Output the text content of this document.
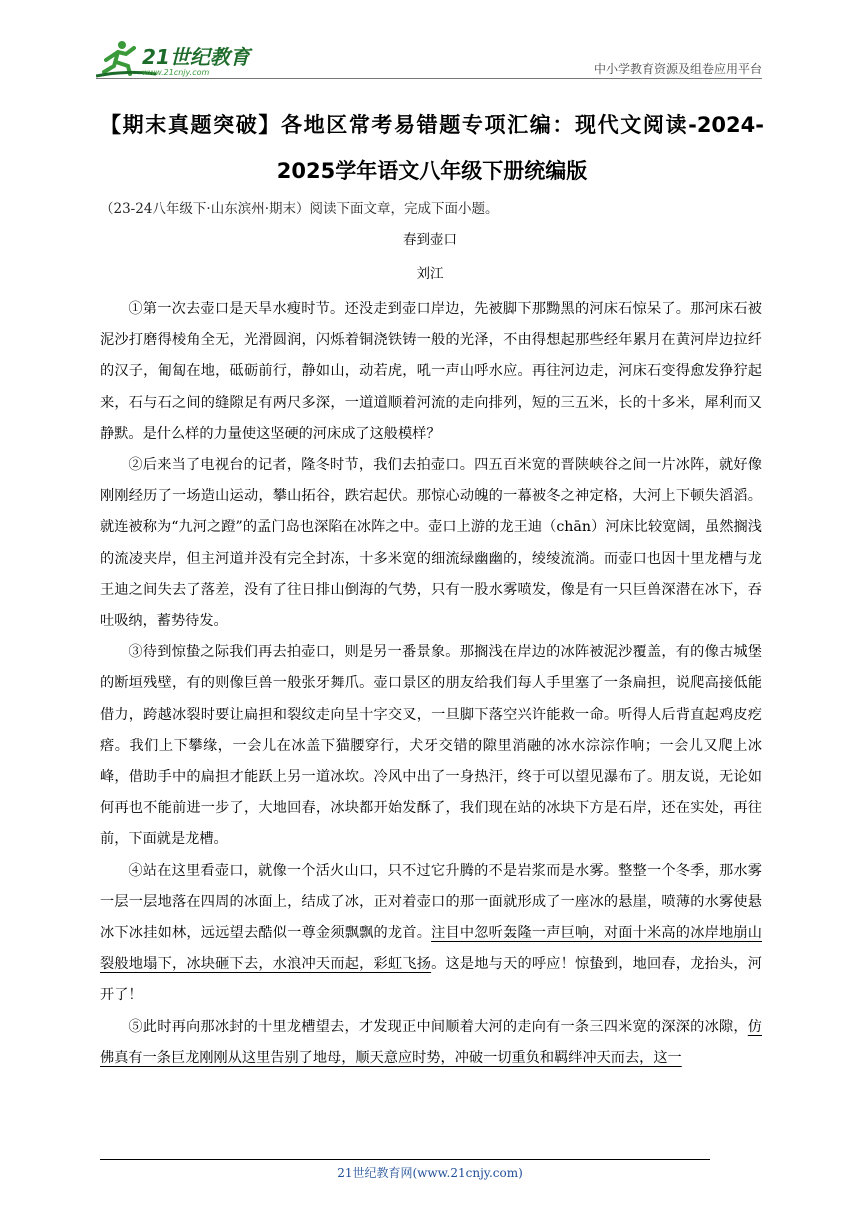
21世纪教育
www.21cnjy.com	中小学教育资源及组卷应用平台
【期末真题突破】各地区常考易错题专项汇编：现代文阅读-2024-2025学年语文八年级下册统编版
（23-24八年级下·山东滨州·期末）阅读下面文章，完成下面小题。
春到壶口
刘江

①第一次去壶口是天旱水瘦时节。还没走到壶口岸边，先被脚下那黝黑的河床石惊呆了。那河床石被泥沙打磨得棱角全无，光滑圆润，闪烁着铜浇铁铸一般的光泽，不由得想起那些经年累月在黄河岸边拉纤的汉子，匍匐在地，砥砺前行，静如山，动若虎，吼一声山呼水应。再往河边走，河床石变得愈发狰狞起来，石与石之间的缝隙足有两尺多深，一道道顺着河流的走向排列，短的三五米，长的十多米，犀利而又静默。是什么样的力量使这坚硬的河床成了这般模样？

②后来当了电视台的记者，隆冬时节，我们去拍壶口。四五百米宽的晋陕峡谷之间一片冰阵，就好像刚刚经历了一场造山运动，攀山拓谷，跌宕起伏。那惊心动魄的一幕被冬之神定格，大河上下顿失滔滔。就连被称为“九河之蹬”的孟门岛也深陷在冰阵之中。壶口上游的龙王迪（chān）河床比较宽阔，虽然搁浅的流凌夹岸，但主河道并没有完全封冻，十多米宽的细流绿幽幽的，绫绫流淌。而壶口也因十里龙槽与龙王迪之间失去了落差，没有了往日排山倒海的气势，只有一股水雾喷发，像是有一只巨兽深潜在冰下，吞吐吸纳，蓄势待发。

③待到惊蛰之际我们再去拍壶口，则是另一番景象。那搁浅在岸边的冰阵被泥沙覆盖，有的像古城堡的断垣残壁，有的则像巨兽一般张牙舞爪。壶口景区的朋友给我们每人手里塞了一条扁担，说爬高接低能借力，跨越冰裂时要让扁担和裂纹走向呈十字交叉，一旦脚下落空兴许能救一命。听得人后背直起鸡皮疙瘩。我们上下攀缘，一会儿在冰盖下猫腰穿行，犬牙交错的隙里消融的冰水淙淙作响；一会儿又爬上冰峰，借助手中的扁担才能跃上另一道冰坎。冷风中出了一身热汗，终于可以望见瀑布了。朋友说，无论如何再也不能前进一步了，大地回春，冰块都开始发酥了，我们现在站的冰块下方是石岸，还在实处，再往前，下面就是龙槽。

④站在这里看壶口，就像一个活火山口，只不过它升腾的不是岩浆而是水雾。整整一个冬季，那水雾一层一层地落在四周的冰面上，结成了冰，正对着壶口的那一面就形成了一座冰的悬崖，喷薄的水雾使悬冰下冰挂如林，远远望去酷似一尊金须飘飘的龙首。注目中忽听轰隆一声巨响，对面十米高的冰岸地崩山裂般地塌下，冰块砸下去，水浪冲天而起，彩虹飞扬。这是地与天的呼应！惊蛰到，地回春，龙抬头，河开了！

⑤此时再向那冰封的十里龙槽望去，才发现正中间顺着大河的走向有一条三四米宽的深深的冰隙，仿佛真有一条巨龙刚刚从这里告别了地母，顺天意应时势，冲破一切重负和羁绊冲天而去，这一

21世纪教育网(www.21cnjy.com)
